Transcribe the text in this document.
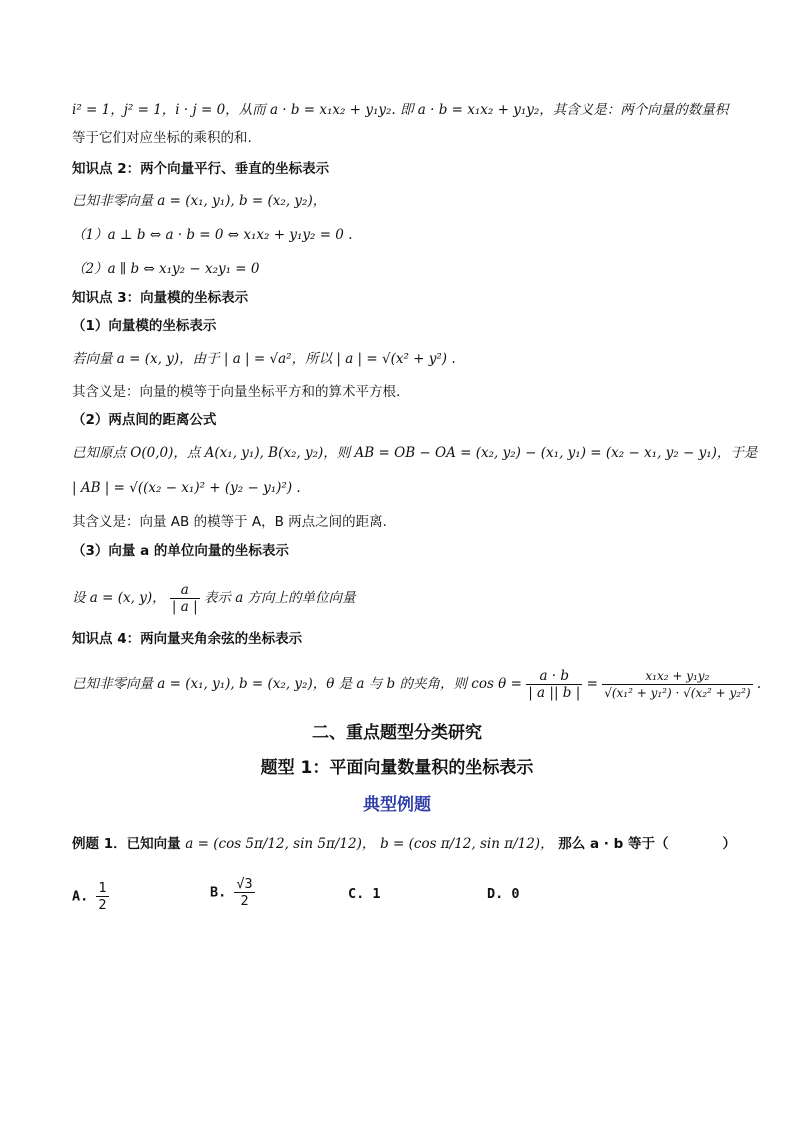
i² = 1，j² = 1，i · j = 0，从而 a · b = x₁x₂ + y₁y₂. 即 a · b = x₁x₂ + y₁y₂，其含义是：两个向量的数量积
等于它们对应坐标的乘积的和.
知识点 2：两个向量平行、垂直的坐标表示
已知非零向量 a = (x₁, y₁), b = (x₂, y₂)，
（1）a ⊥ b ⇔ a · b = 0 ⇔ x₁x₂ + y₁y₂ = 0 .
（2）a ∥ b ⇔ x₁y₂ − x₂y₁ = 0
知识点 3：向量模的坐标表示
（1）向量模的坐标表示
若向量 a = (x, y)，由于 | a | = √a²，所以 | a | = √(x² + y²) .
其含义是：向量的模等于向量坐标平方和的算术平方根.
（2）两点间的距离公式
已知原点 O(0,0)，点 A(x₁, y₁), B(x₂, y₂)，则 AB = OB − OA = (x₂, y₂) − (x₁, y₁) = (x₂ − x₁, y₂ − y₁)，于是
| AB | = √((x₂ − x₁)² + (y₂ − y₁)²) .
其含义是：向量 AB 的模等于 A，B 两点之间的距离.
（3）向量 a 的单位向量的坐标表示
设 a = (x, y)， $\frac{a}{| a |}$ 表示 a 方向上的单位向量
知识点 4：两向量夹角余弦的坐标表示
已知非零向量 a = (x₁, y₁), b = (x₂, y₂)，θ 是 a 与 b 的夹角，则 $\cos \theta = \frac{a \cdot b}{| a || b |} = \frac{\text{x₁x₂ + y₁y₂}}{\text{√(x₁² + y₁²) · √(x₂² + y₂²)}}$ .
二、重点题型分类研究
题型 1：平面向量数量积的坐标表示
典型例题
例题 1．已知向量 a = (cos 5π/12, sin 5π/12)， b = (cos π/12, sin π/12)， 那么 a · b 等于（　　　　）
A. $\frac{1}{2}$	B. $\frac{√3}{2}$	C. 1	D. 0
